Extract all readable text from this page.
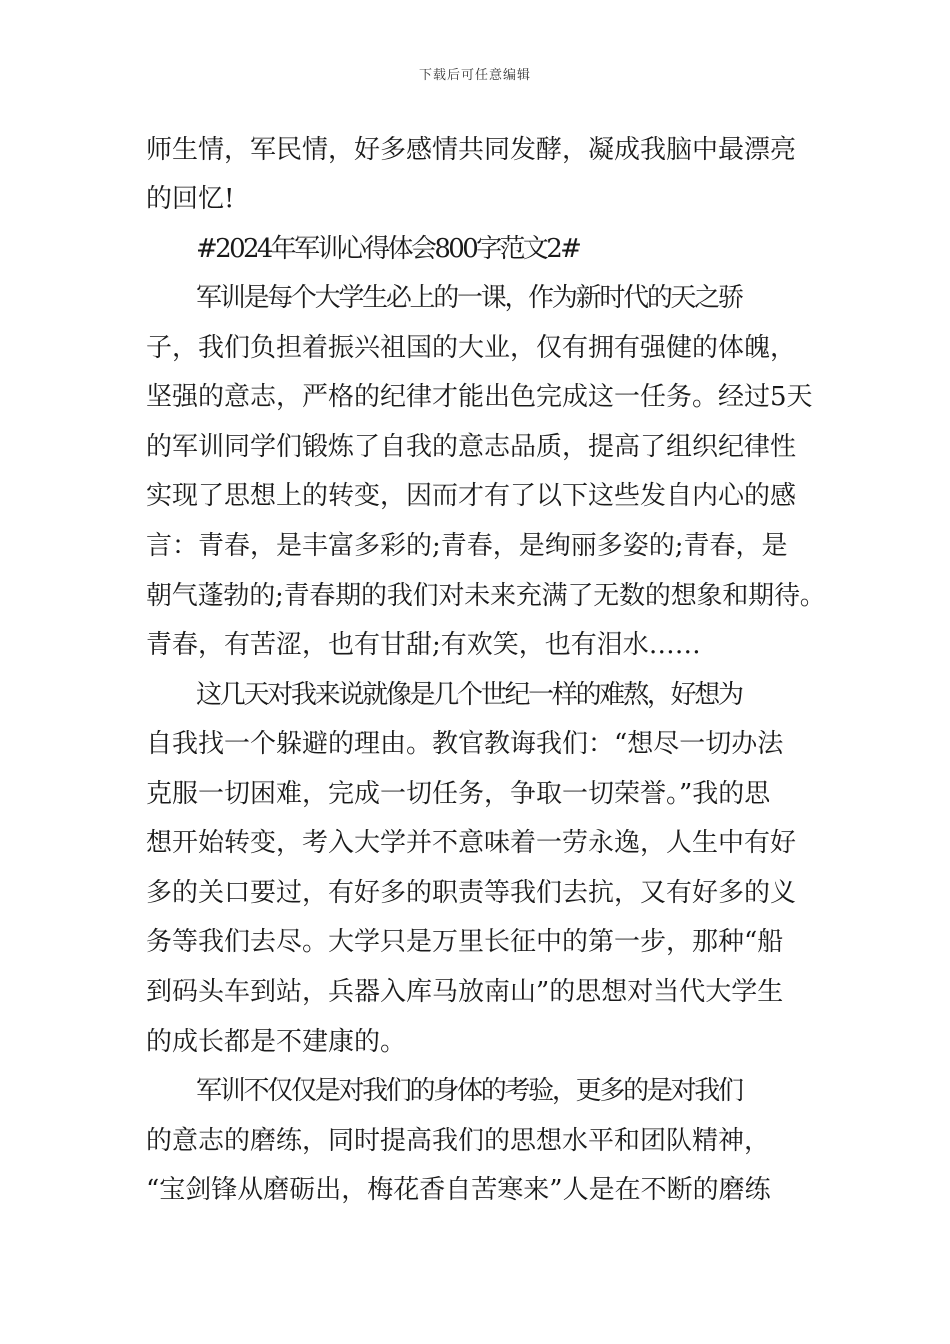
下载后可任意编辑
师生情，军民情，好多感情共同发酵，凝成我脑中最漂亮
的回忆!
#2024年军训心得体会800字范文2#
军训是每个大学生必上的一课，作为新时代的天之骄
子，我们负担着振兴祖国的大业，仅有拥有强健的体魄，
坚强的意志，严格的纪律才能出色完成这一任务。经过5天
的军训同学们锻炼了自我的意志品质，提高了组织纪律性
实现了思想上的转变，因而才有了以下这些发自内心的感
言：青春，是丰富多彩的;青春，是绚丽多姿的;青春，是
朝气蓬勃的;青春期的我们对未来充满了无数的想象和期待。
青春，有苦涩，也有甘甜;有欢笑，也有泪水……
这几天对我来说就像是几个世纪一样的难熬，好想为
自我找一个躲避的理由。教官教诲我们：“想尽一切办法
克服一切困难，完成一切任务，争取一切荣誉。”我的思
想开始转变，考入大学并不意味着一劳永逸，人生中有好
多的关口要过，有好多的职责等我们去抗，又有好多的义
务等我们去尽。大学只是万里长征中的第一步，那种“船
到码头车到站，兵器入库马放南山”的思想对当代大学生
的成长都是不建康的。
军训不仅仅是对我们的身体的考验，更多的是对我们
的意志的磨练，同时提高我们的思想水平和团队精神，
“宝剑锋从磨砺出，梅花香自苦寒来”人是在不断的磨练
